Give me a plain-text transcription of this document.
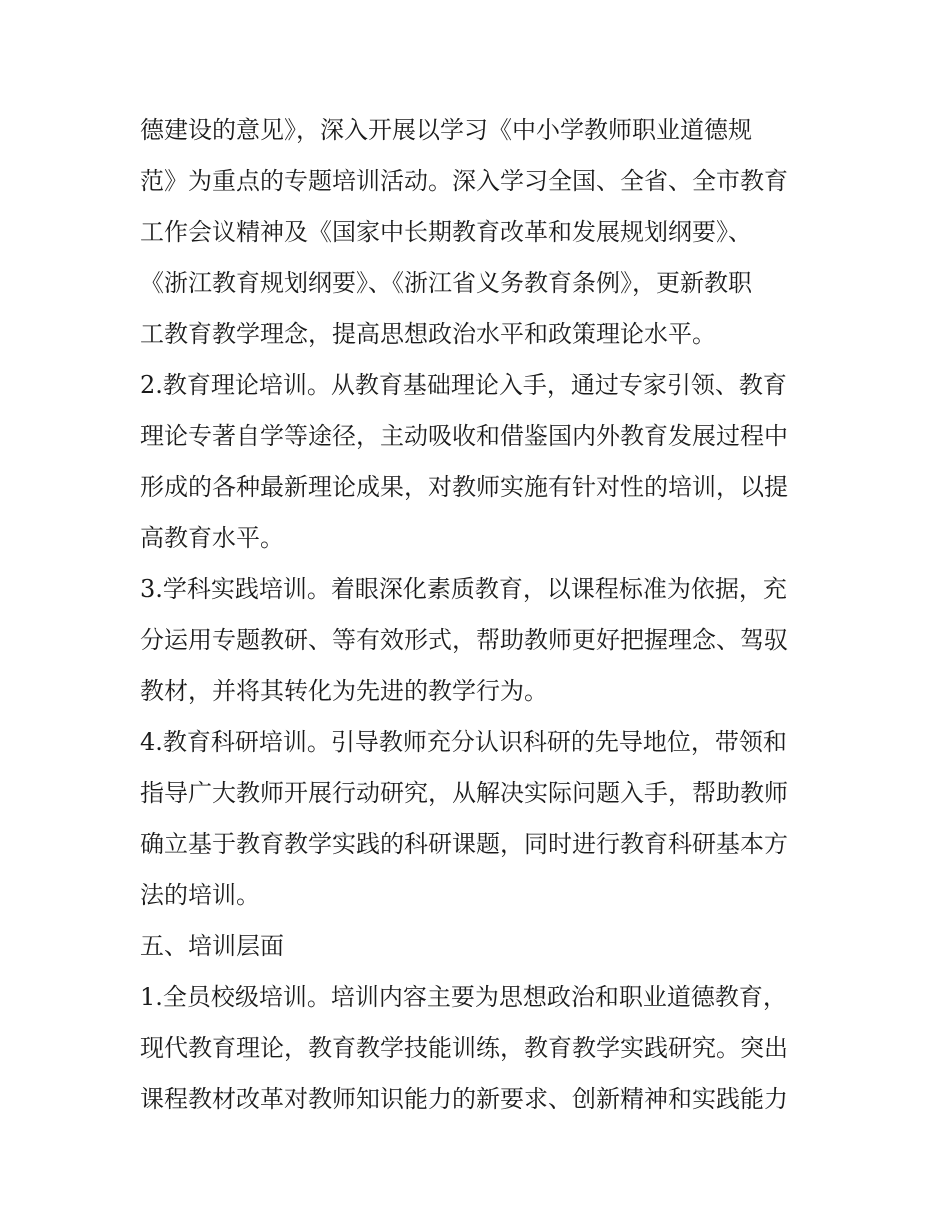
德建设的意见》，深入开展以学习《中小学教师职业道德规
范》为重点的专题培训活动。深入学习全国、全省、全市教育
工作会议精神及《国家中长期教育改革和发展规划纲要》、
《浙江教育规划纲要》、《浙江省义务教育条例》，更新教职
工教育教学理念，提高思想政治水平和政策理论水平。
2.教育理论培训。从教育基础理论入手，通过专家引领、教育
理论专著自学等途径，主动吸收和借鉴国内外教育发展过程中
形成的各种最新理论成果，对教师实施有针对性的培训，以提
高教育水平。
3.学科实践培训。着眼深化素质教育，以课程标准为依据，充
分运用专题教研、等有效形式，帮助教师更好把握理念、驾驭
教材，并将其转化为先进的教学行为。
4.教育科研培训。引导教师充分认识科研的先导地位，带领和
指导广大教师开展行动研究，从解决实际问题入手，帮助教师
确立基于教育教学实践的科研课题，同时进行教育科研基本方
法的培训。
五、培训层面
1.全员校级培训。培训内容主要为思想政治和职业道德教育，
现代教育理论，教育教学技能训练，教育教学实践研究。突出
课程教材改革对教师知识能力的新要求、创新精神和实践能力
